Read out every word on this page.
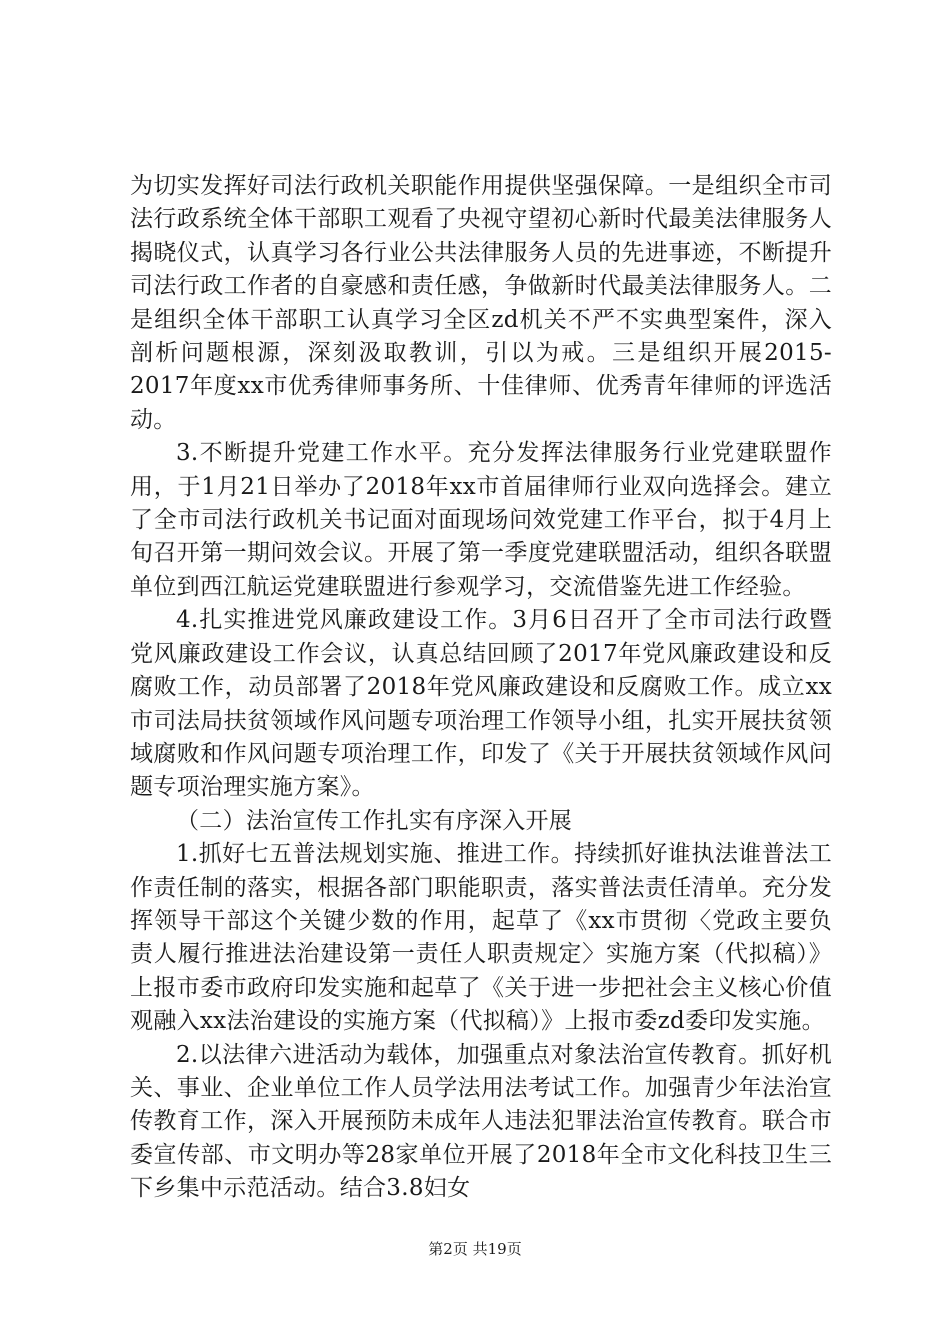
为切实发挥好司法行政机关职能作用提供坚强保障。一是组织全市司法行政系统全体干部职工观看了央视守望初心新时代最美法律服务人揭晓仪式，认真学习各行业公共法律服务人员的先进事迹，不断提升司法行政工作者的自豪感和责任感，争做新时代最美法律服务人。二是组织全体干部职工认真学习全区zd机关不严不实典型案件，深入剖析问题根源，深刻汲取教训，引以为戒。三是组织开展2015-2017年度xx市优秀律师事务所、十佳律师、优秀青年律师的评选活动。

3.不断提升党建工作水平。充分发挥法律服务行业党建联盟作用，于1月21日举办了2018年xx市首届律师行业双向选择会。建立了全市司法行政机关书记面对面现场问效党建工作平台，拟于4月上旬召开第一期问效会议。开展了第一季度党建联盟活动，组织各联盟单位到西江航运党建联盟进行参观学习，交流借鉴先进工作经验。

4.扎实推进党风廉政建设工作。3月6日召开了全市司法行政暨党风廉政建设工作会议，认真总结回顾了2017年党风廉政建设和反腐败工作，动员部署了2018年党风廉政建设和反腐败工作。成立xx市司法局扶贫领域作风问题专项治理工作领导小组，扎实开展扶贫领域腐败和作风问题专项治理工作，印发了《关于开展扶贫领域作风问题专项治理实施方案》。

（二）法治宣传工作扎实有序深入开展

1.抓好七五普法规划实施、推进工作。持续抓好谁执法谁普法工作责任制的落实，根据各部门职能职责，落实普法责任清单。充分发挥领导干部这个关键少数的作用，起草了《xx市贯彻〈党政主要负责人履行推进法治建设第一责任人职责规定〉实施方案（代拟稿）》上报市委市政府印发实施和起草了《关于进一步把社会主义核心价值观融入xx法治建设的实施方案（代拟稿）》上报市委zd委印发实施。

2.以法律六进活动为载体，加强重点对象法治宣传教育。抓好机关、事业、企业单位工作人员学法用法考试工作。加强青少年法治宣传教育工作，深入开展预防未成年人违法犯罪法治宣传教育。联合市委宣传部、市文明办等28家单位开展了2018年全市文化科技卫生三下乡集中示范活动。结合3.8妇女

第2页 共19页
